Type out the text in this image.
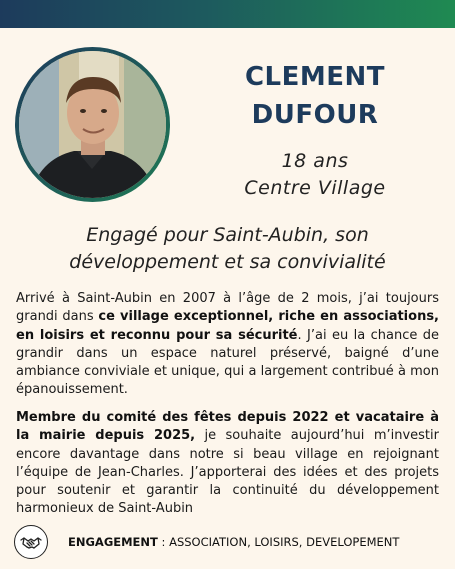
CLEMENT
DUFOUR
18 ans
Centre Village
Engagé pour Saint-Aubin, son
développement et sa convivialité
Arrivé à Saint-Aubin en 2007 à l’âge de 2 mois, j’ai toujours grandi dans ce village exceptionnel, riche en associations, en loisirs et reconnu pour sa sécurité. J’ai eu la chance de grandir dans un espace naturel préservé, baigné d’une ambiance conviviale et unique, qui a largement contribué à mon épanouissement.
Membre du comité des fêtes depuis 2022 et vacataire à la mairie depuis 2025, je souhaite aujourd’hui m’investir encore davantage dans notre si beau village en rejoignant l’équipe de Jean-Charles. J’apporterai des idées et des projets pour soutenir et garantir la continuité du développement harmonieux de Saint-Aubin
ENGAGEMENT : ASSOCIATION, LOISIRS, DEVELOPEMENT
